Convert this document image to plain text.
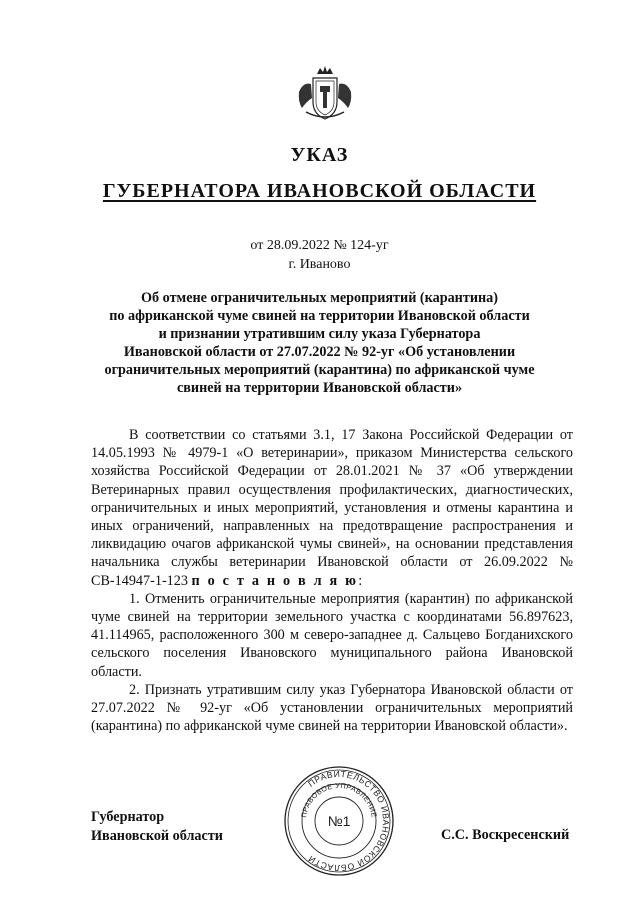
УКАЗ
ГУБЕРНАТОРА ИВАНОВСКОЙ ОБЛАСТИ
от 28.09.2022 № 124-уг
г. Иваново
Об отмене ограничительных мероприятий (карантина)
по африканской чуме свиней на территории Ивановской области
и признании утратившим силу указа Губернатора
Ивановской области от 27.07.2022 № 92-уг «Об установлении
ограничительных мероприятий (карантина) по африканской чуме
свиней на территории Ивановской области»

В соответствии со статьями 3.1, 17 Закона Российской Федерации от 14.05.1993 № 4979-1 «О ветеринарии», приказом Министерства сельского хозяйства Российской Федерации от 28.01.2021 № 37 «Об утверждении Ветеринарных правил осуществления профилактических, диагностических, ограничительных и иных мероприятий, установления и отмены карантина и иных ограничений, направленных на предотвращение распространения и ликвидацию очагов африканской чумы свиней», на основании представления начальника службы ветеринарии Ивановской области от 26.09.2022 № СВ-14947-1-123 п о с т а н о в л я ю:

1. Отменить ограничительные мероприятия (карантин) по африканской чуме свиней на территории земельного участка с координатами 56.897623, 41.114965, расположенного 300 м северо-западнее д. Сальцево Богданихского сельского поселения Ивановского муниципального района Ивановской области.

2. Признать утратившим силу указ Губернатора Ивановской области от 27.07.2022 № 92-уг «Об установлении ограничительных мероприятий (карантина) по африканской чуме свиней на территории Ивановской области».

Губернатор
Ивановской области
ПРАВИТЕЛЬСТВО ИВАНОВСКОЙ ОБЛАСТИ
ПРАВОВОЕ УПРАВЛЕНИЕ
№1
С.С. Воскресенский
